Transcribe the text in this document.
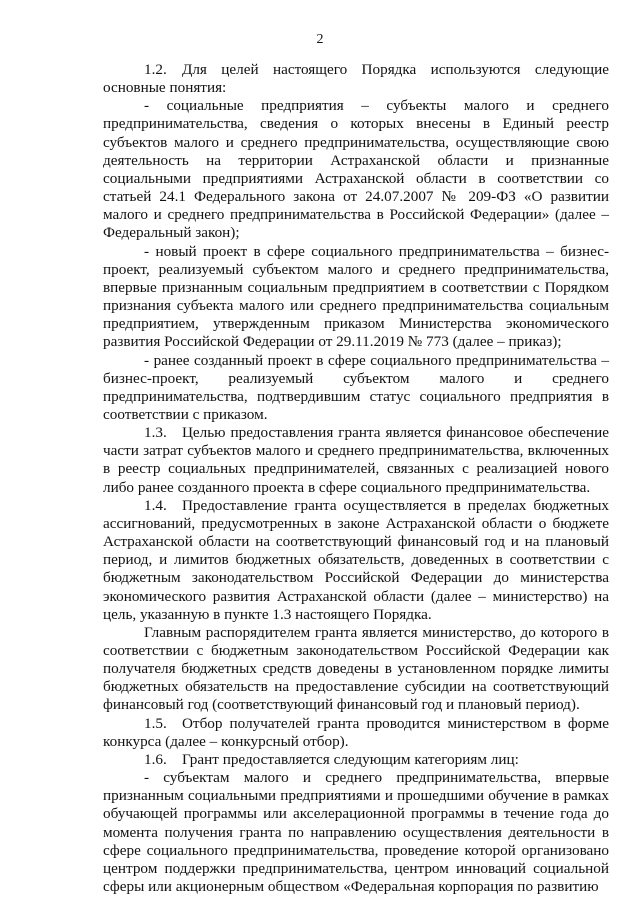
2

1.2. Для целей настоящего Порядка используются следующие основные понятия:

- социальные предприятия – субъекты малого и среднего предпринимательства, сведения о которых внесены в Единый реестр субъектов малого и среднего предпринимательства, осуществляющие свою деятельность на территории Астраханской области и признанные социальными предприятиями Астраханской области в соответствии со статьей 24.1 Федерального закона от 24.07.2007 № 209-ФЗ «О развитии малого и среднего предпринимательства в Российской Федерации» (далее – Федеральный закон);

- новый проект в сфере социального предпринимательства – бизнес-проект, реализуемый субъектом малого и среднего предпринимательства, впервые признанным социальным предприятием в соответствии с Порядком признания субъекта малого или среднего предпринимательства социальным предприятием, утвержденным приказом Министерства экономического развития Российской Федерации от 29.11.2019 № 773 (далее – приказ);

- ранее созданный проект в сфере социального предпринимательства – бизнес-проект, реализуемый субъектом малого и среднего предпринимательства, подтвердившим статус социального предприятия в соответствии с приказом.

1.3. Целью предоставления гранта является финансовое обеспечение части затрат субъектов малого и среднего предпринимательства, включенных в реестр социальных предпринимателей, связанных с реализацией нового либо ранее созданного проекта в сфере социального предпринимательства.

1.4. Предоставление гранта осуществляется в пределах бюджетных ассигнований, предусмотренных в законе Астраханской области о бюджете Астраханской области на соответствующий финансовый год и на плановый период, и лимитов бюджетных обязательств, доведенных в соответствии с бюджетным законодательством Российской Федерации до министерства экономического развития Астраханской области (далее – министерство) на цель, указанную в пункте 1.3 настоящего Порядка.

Главным распорядителем гранта является министерство, до которого в соответствии с бюджетным законодательством Российской Федерации как получателя бюджетных средств доведены в установленном порядке лимиты бюджетных обязательств на предоставление субсидии на соответствующий финансовый год (соответствующий финансовый год и плановый период).

1.5. Отбор получателей гранта проводится министерством в форме конкурса (далее – конкурсный отбор).

1.6. Грант предоставляется следующим категориям лиц:

- субъектам малого и среднего предпринимательства, впервые признанным социальными предприятиями и прошедшими обучение в рамках обучающей программы или акселерационной программы в течение года до момента получения гранта по направлению осуществления деятельности в сфере социального предпринимательства, проведение которой организовано центром поддержки предпринимательства, центром инноваций социальной сферы или акционерным обществом «Федеральная корпорация по развитию
